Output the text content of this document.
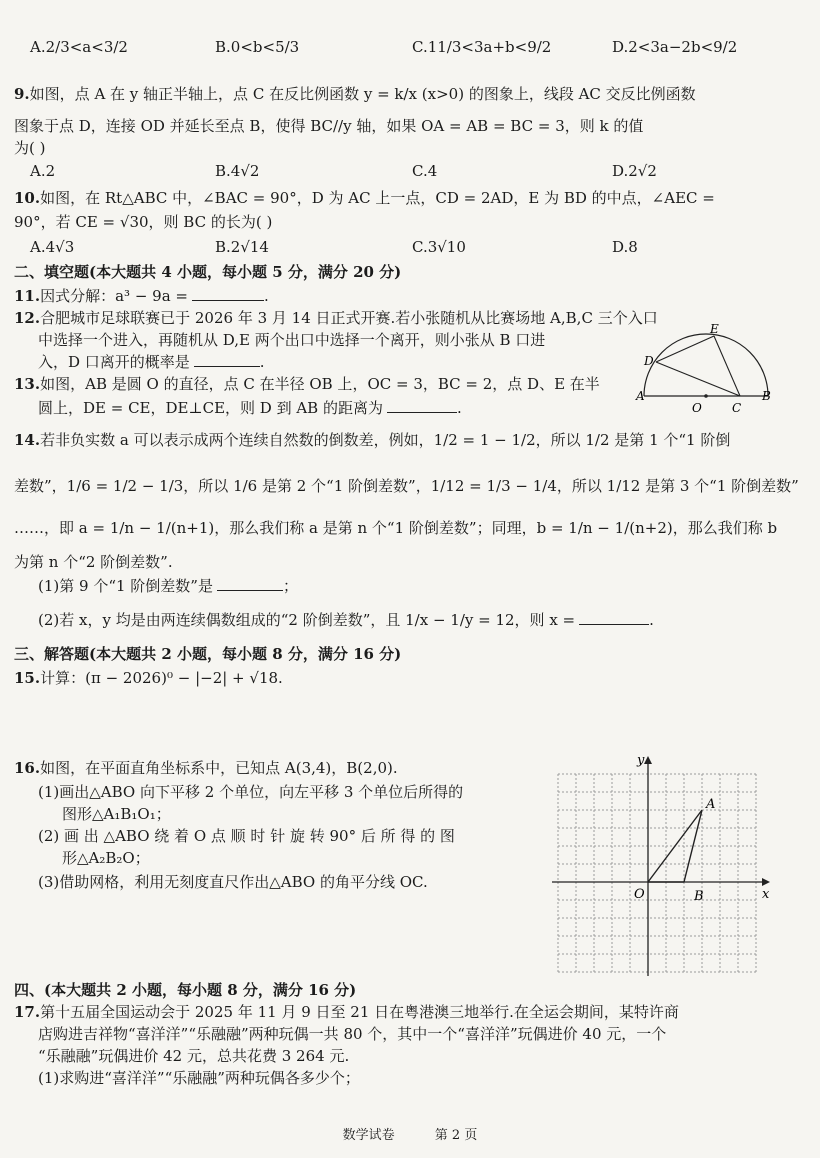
A.2/3<a<3/2	B.0<b<5/3	C.11/3<3a+b<9/2	D.2<3a−2b<9/2
9.如图，点 A 在 y 轴正半轴上，点 C 在反比例函数 y = k/x (x>0) 的图象上，线段 AC 交反比例函数
图象于点 D，连接 OD 并延长至点 B，使得 BC//y 轴，如果 OA = AB = BC = 3，则 k 的值
为( )
A.2	B.4√2	C.4	D.2√2
10.如图，在 Rt△ABC 中，∠BAC = 90°，D 为 AC 上一点，CD = 2AD，E 为 BD 的中点，∠AEC =
90°，若 CE = √30，则 BC 的长为( )
A.4√3	B.2√14	C.3√10	D.8
二、填空题(本大题共 4 小题，每小题 5 分，满分 20 分)
11.因式分解：a³ − 9a =	.
12.合肥城市足球联赛已于 2026 年 3 月 14 日正式开赛.若小张随机从比赛场地 A,B,C 三个入口
中选择一个进入，再随机从 D,E 两个出口中选择一个离开，则小张从 B 口进
入，D 口离开的概率是	.	D
E
A
O	C
B
13.如图，AB 是圆 O 的直径，点 C 在半径 OB 上，OC = 3，BC = 2，点 D、E 在半
圆上，DE = CE，DE⊥CE，则 D 到 AB 的距离为	.
14.若非负实数 a 可以表示成两个连续自然数的倒数差，例如，1/2 = 1 − 1/2，所以 1/2 是第 1 个“1 阶倒
差数”，1/6 = 1/2 − 1/3，所以 1/6 是第 2 个“1 阶倒差数”，1/12 = 1/3 − 1/4，所以 1/12 是第 3 个“1 阶倒差数”
……，即 a = 1/n − 1/(n+1)，那么我们称 a 是第 n 个“1 阶倒差数”；同理，b = 1/n − 1/(n+2)，那么我们称 b
为第 n 个“2 阶倒差数”.
(1)第 9 个“1 阶倒差数”是	；
(2)若 x，y 均是由两连续偶数组成的“2 阶倒差数”，且 1/x − 1/y = 12，则 x =	.
三、解答题(本大题共 2 小题，每小题 8 分，满分 16 分)
15.计算：(π − 2026)⁰ − |−2| + √18.
16.如图，在平面直角坐标系中，已知点 A(3,4)，B(2,0).
(1)画出△ABO 向下平移 2 个单位，向左平移 3 个单位后所得的
图形△A₁B₁O₁；
(2) 画 出 △ABO 绕 着 O 点 顺 时 针 旋 转 90° 后 所 得 的 图
形△A₂B₂O；
(3)借助网格，利用无刻度直尺作出△ABO 的角平分线 OC.
y
x
A
O	B
四、(本大题共 2 小题，每小题 8 分，满分 16 分)
17.第十五届全国运动会于 2025 年 11 月 9 日至 21 日在粤港澳三地举行.在全运会期间，某特许商
店购进吉祥物“喜洋洋”“乐融融”两种玩偶一共 80 个，其中一个“喜洋洋”玩偶进价 40 元，一个
“乐融融”玩偶进价 42 元，总共花费 3 264 元.
(1)求购进“喜洋洋”“乐融融”两种玩偶各多少个；
数学试卷	第 2 页
